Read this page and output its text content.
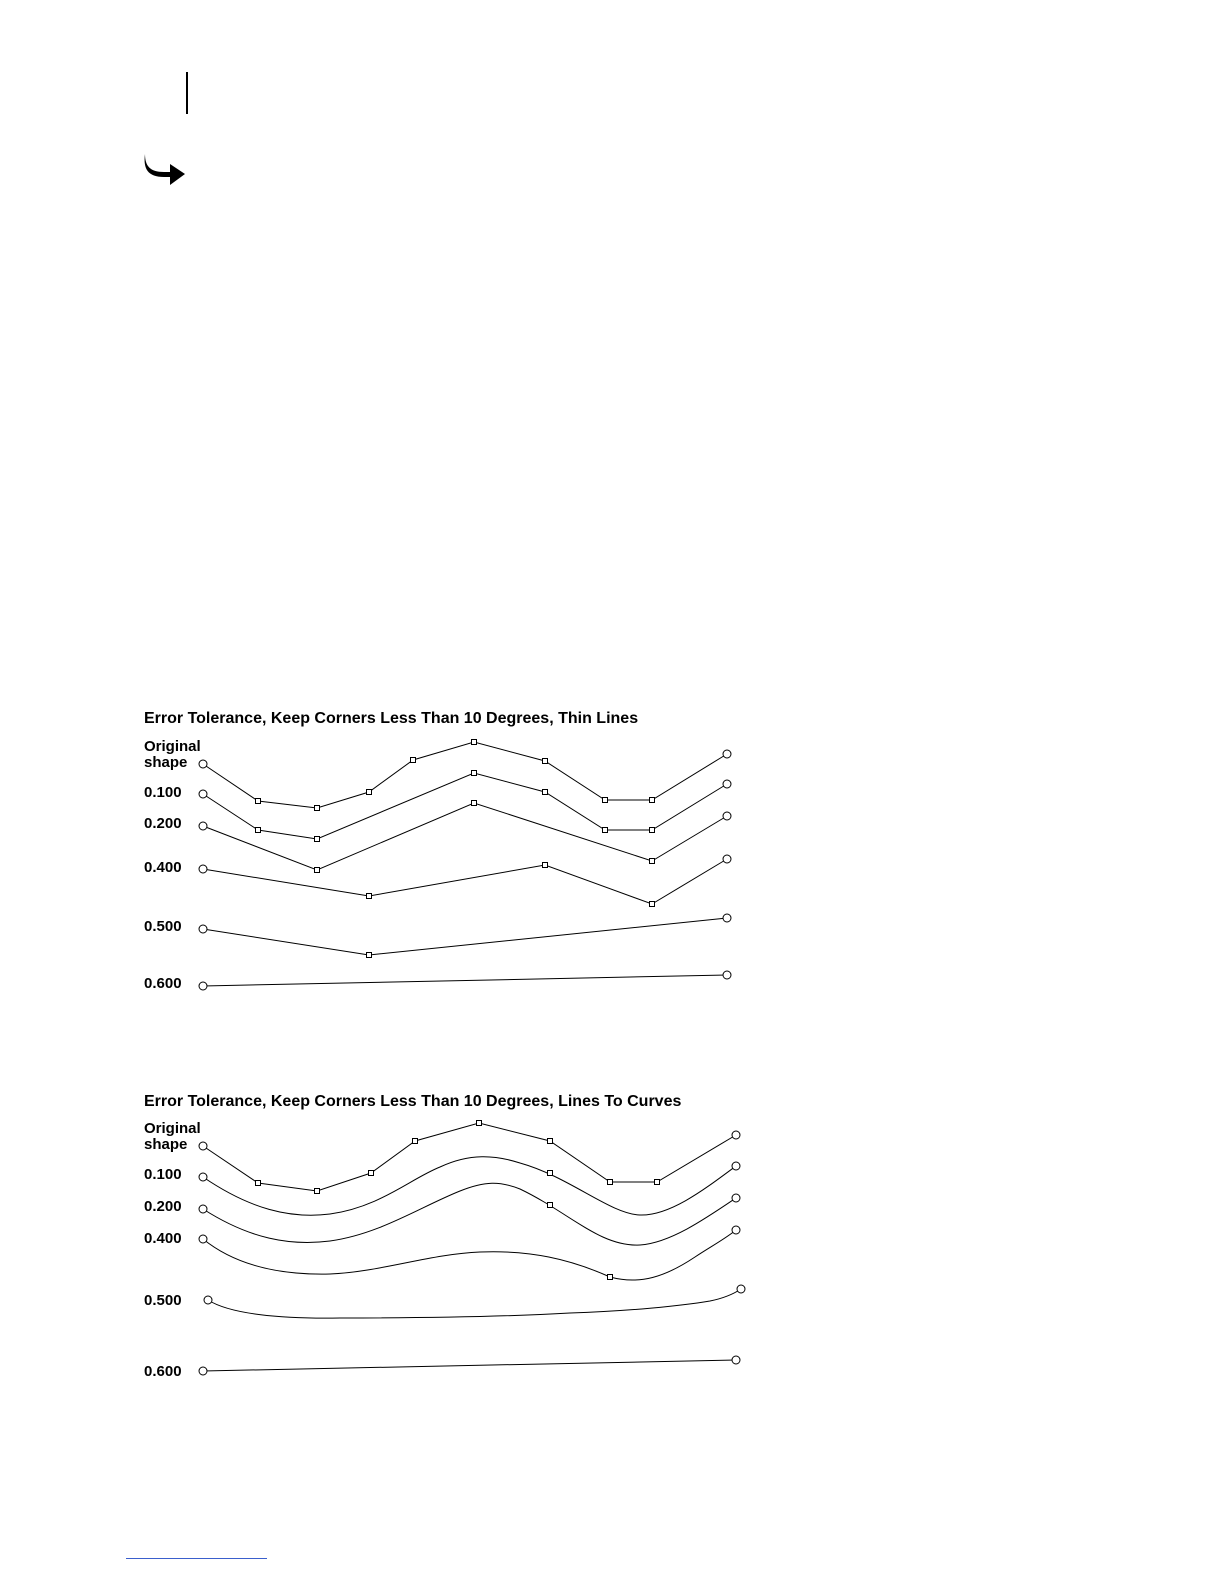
Error Tolerance, Keep Corners Less Than 10 Degrees, Thin Lines
Original
shape
0.100
0.200
0.400
0.500
0.600
Error Tolerance, Keep Corners Less Than 10 Degrees, Lines To Curves
Original
shape
0.100
0.200
0.400
0.500
0.600
